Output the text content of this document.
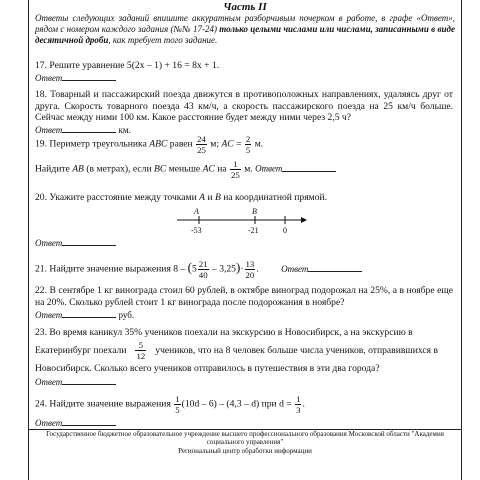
Часть II
Ответы следующих заданий впишите аккуратным разборчивым почерком в работе, в графе «Ответ», рядом с номером каждого задания (№№ 17-24) только целыми числами или числами, записанными в виде десятичной дроби, как требует того задание.
17. Решите уравнение 5(2x – 1) + 16 = 8x + 1.
Ответ
18. Товарный и пассажирский поезда движутся в противоположных направлениях, удаляясь друг от друга. Скорость товарного поезда 43 км/ч, а скорость пассажирского поезда на 25 км/ч больше. Сейчас между ними 100 км. Какое расстояние будет между ними через 2,5 ч?
Ответ	км.
19. Периметр треугольника ABC равен $\frac{24}{25} м$; AC = $\frac{2}{5} м$.
Найдите AB (в метрах), если BC меньше AC на $\frac{1}{25} м$. Ответ
20. Укажите расстояние между точками A и B на координатной прямой.
A	B
-53	-21	0
Ответ
21. Найдите значение выражения $8 - (5 \frac{21}{40} - 3,25)\cdot \frac{13}{20}$ . Ответ
22. В сентябре 1 кг винограда стоил 60 рублей, в октябре виноград подорожал на 25%, а в ноябре еще на 20%. Сколько рублей стоит 1 кг винограда после подорожания в ноябре?
Ответ	руб.
23. Во время каникул 35% учеников поехали на экскурсию в Новосибирск, а на экскурсию в
Екатеринбург поехали $\frac{5}{12}$ учеников, что на 8 человек больше числа учеников, отправившихся в
Новосибирск. Сколько всего учеников отправилось в путешествия в эти два города?
Ответ
24. Найдите значение выражения $\frac{1}{5} (10d - 6) - (4,3 - d)$ при $d = \frac{1}{3}$ .
Ответ
Государственное бюджетное образовательное учреждение высшего профессионального образования Московской области "Академия
социального управления"
Региональный центр обработки информации
